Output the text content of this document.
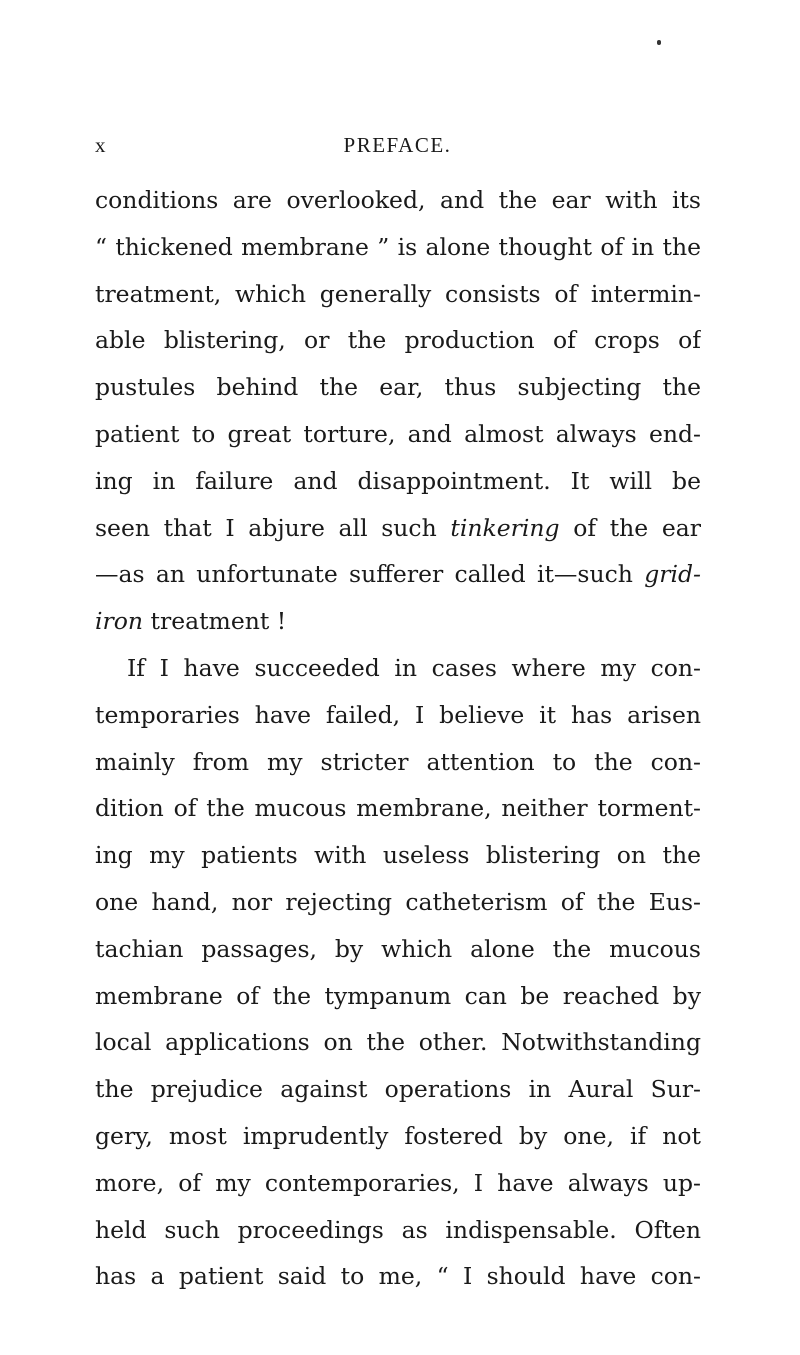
x	PREFACE.
conditions are overlooked, and the ear with its
“ thickened membrane ” is alone thought of in the
treatment, which generally consists of intermin-
able blistering, or the production of crops of
pustules behind the ear, thus subjecting the
patient to great torture, and almost always end-
ing in failure and disappointment. It will be
seen that I abjure all such tinkering of the ear
—as an unfortunate sufferer called it—such grid-
iron treatment !
If I have succeeded in cases where my con-
temporaries have failed, I believe it has arisen
mainly from my stricter attention to the con-
dition of the mucous membrane, neither torment-
ing my patients with useless blistering on the
one hand, nor rejecting catheterism of the Eus-
tachian passages, by which alone the mucous
membrane of the tympanum can be reached by
local applications on the other. Notwithstanding
the prejudice against operations in Aural Sur-
gery, most imprudently fostered by one, if not
more, of my contemporaries, I have always up-
held such proceedings as indispensable. Often
has a patient said to me, “ I should have con-
